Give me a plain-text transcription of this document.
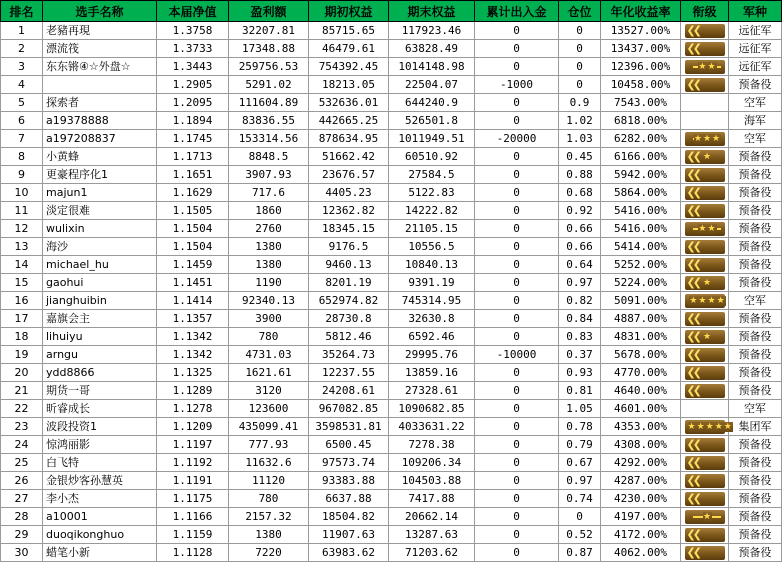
排名	选手名称	本届净值	盈利额	期初权益	期末权益	累计出入金	仓位	年化收益率	衔级	军种
1	老豬再現	1.3758	32207.81	85715.65	117923.46	0	0	13527.00%	❮❮	远征军
2	漂流筏	1.3733	17348.88	46479.61	63828.49	0	0	13437.00%	❮❮	远征军
3	东东锵④☆外盘☆	1.3443	259756.53	754392.45	1014148.98	0	0	12396.00%	★★	远征军
4		1.2905	5291.02	18213.05	22504.07	-1000	0	10458.00%	❮❮	预备役
5	探索者	1.2095	111604.89	532636.01	644240.9	0	0.9	7543.00%		空军
6	a19378888	1.1894	83836.55	442665.25	526501.8	0	1.02	6818.00%		海军
7	a197208837	1.1745	153314.56	878634.95	1011949.51	-20000	1.03	6282.00%	★★★	空军
8	小黄蜂	1.1713	8848.5	51662.42	60510.92	0	0.45	6166.00%	❮❮ ★	预备役
9	更豪程序化1	1.1651	3907.93	23676.57	27584.5	0	0.88	5942.00%	❮❮	预备役
10	majun1	1.1629	717.6	4405.23	5122.83	0	0.68	5864.00%	❮❮	预备役
11	淡定很难	1.1505	1860	12362.82	14222.82	0	0.92	5416.00%	❮❮	预备役
12	wulixin	1.1504	2760	18345.15	21105.15	0	0.66	5416.00%	★★	预备役
13	海沙	1.1504	1380	9176.5	10556.5	0	0.66	5414.00%	❮❮	预备役
14	michael_hu	1.1459	1380	9460.13	10840.13	0	0.64	5252.00%	❮❮	预备役
15	gaohui	1.1451	1190	8201.19	9391.19	0	0.97	5224.00%	❮❮ ★	预备役
16	jianghuibin	1.1414	92340.13	652974.82	745314.95	0	0.82	5091.00%	★★★★	空军
17	嘉旗会主	1.1357	3900	28730.8	32630.8	0	0.84	4887.00%	❮❮	预备役
18	lihuiyu	1.1342	780	5812.46	6592.46	0	0.83	4831.00%	❮❮ ★	预备役
19	arngu	1.1342	4731.03	35264.73	29995.76	-10000	0.37	5678.00%	❮❮	预备役
20	ydd8866	1.1325	1621.61	12237.55	13859.16	0	0.93	4770.00%	❮❮	预备役
21	期货一哥	1.1289	3120	24208.61	27328.61	0	0.81	4640.00%	❮❮	预备役
22	昕睿成长	1.1278	123600	967082.85	1090682.85	0	1.05	4601.00%		空军
23	波段投资1	1.1209	435099.41	3598531.81	4033631.22	0	0.78	4353.00%	★★★★★	集团军
24	惊鸿丽影	1.1197	777.93	6500.45	7278.38	0	0.79	4308.00%	❮❮	预备役
25	白飞特	1.1192	11632.6	97573.74	109206.34	0	0.67	4292.00%	❮❮	预备役
26	金银炒客孙慧英	1.1191	11120	93383.88	104503.88	0	0.97	4287.00%	❮❮	预备役
27	李小杰	1.1175	780	6637.88	7417.88	0	0.74	4230.00%	❮❮	预备役
28	a10001	1.1166	2157.32	18504.82	20662.14	0	0	4197.00%	★	预备役
29	duoqikonghuo	1.1159	1380	11907.63	13287.63	0	0.52	4172.00%	❮❮	预备役
30	蜡笔小新	1.1128	7220	63983.62	71203.62	0	0.87	4062.00%	❮❮	预备役
